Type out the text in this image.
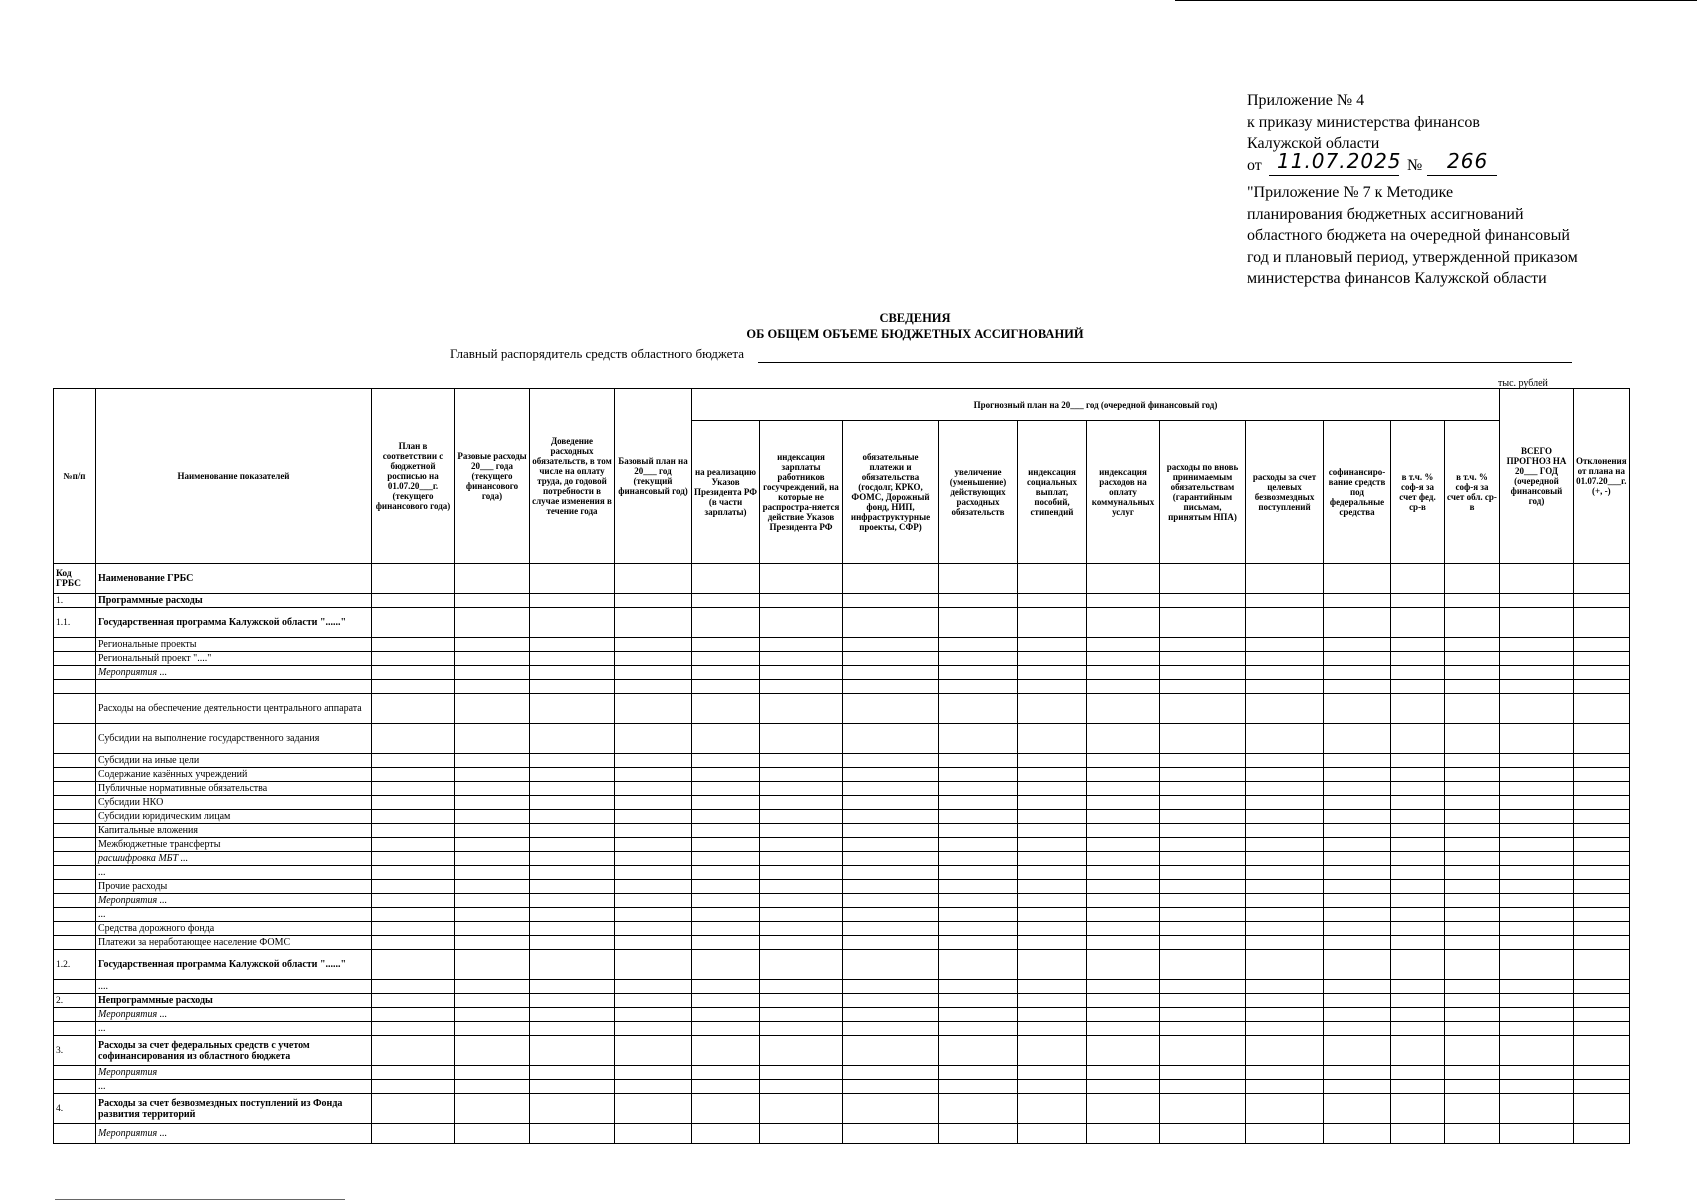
Приложение № 4
к приказу министерства финансов
Калужской области
от 11.07.2025 № 266
"Приложение № 7 к Методике
планирования бюджетных ассигнований
областного бюджета на очередной финансовый
год и плановый период, утвержденной приказом
министерства финансов Калужской области
СВЕДЕНИЯ
ОБ ОБЩЕМ ОБЪЕМЕ БЮДЖЕТНЫХ АССИГНОВАНИЙ
Главный распорядитель средств областного бюджета
тыс. рублей
№п/п	Наименование показателей	План в соответствии с бюджетной росписью на 01.07.20___г. (текущего финансового года)	Разовые расходы 20___ года (текущего финансового года)	Доведение расходных обязательств, в том числе на оплату труда, до годовой потребности в случае изменения в течение года	Базовый план на 20___ год (текущий финансовый год)	Прогнозный план на 20___ год (очередной финансовый год)											ВСЕГО ПРОГНОЗ НА 20___ ГОД (очередной финансовый год)	Отклонения от плана на 01.07.20___г. (+, -)
						на реализацию Указов Президента РФ (в части зарплаты)	индексация зарплаты работников госучреждений, на которые не распростра-няется действие Указов Президента РФ	обязательные платежи и обязательства (госдолг, КРКО, ФОМС, Дорожный фонд, НИП, инфраструктурные проекты, СФР)	увеличение (уменьшение) действующих расходных обязательств	индексация социальных выплат, пособий, стипендий	индексация расходов на оплату коммунальных услуг	расходы по вновь принимаемым обязательствам (гарантийным письмам, принятым НПА)	расходы за счет целевых безвозмездных поступлений	софинансиро-вание средств под федеральные средства	в т.ч. % соф-я за счет фед. ср-в	в т.ч. % соф-я за счет обл. ср-в		
Код ГРБС	Наименование ГРБС																	
1.	Программные расходы																	
1.1.	Государственная программа Калужской области "......"																	
	Региональные проекты																	
	Региональный проект "...."																	
	Мероприятия ...																	

	Расходы на обеспечение деятельности центрального аппарата																	
	Субсидии на выполнение государственного задания																	
	Субсидии на иные цели																	
	Содержание казённых учреждений																	
	Публичные нормативные обязательства																	
	Субсидии НКО																	
	Субсидии юридическим лицам																	
	Капитальные вложения																	
	Межбюджетные трансферты																	
	расшифровка МБТ ...																	
	...																	
	Прочие расходы																	
	Мероприятия ...																	
	...																	
	Средства дорожного фонда																	
	Платежи за неработающее население ФОМС																	
1.2.	Государственная программа Калужской области "......"																	
	....																	
2.	Непрограммные расходы																	
	Мероприятия ...																	
	...																	
3.	Расходы за счет федеральных средств с учетом софинансирования из областного бюджета																	
	Мероприятия																	
	...																	
4.	Расходы за счет безвозмездных поступлений из Фонда развития территорий																	
	Мероприятия ...																	
